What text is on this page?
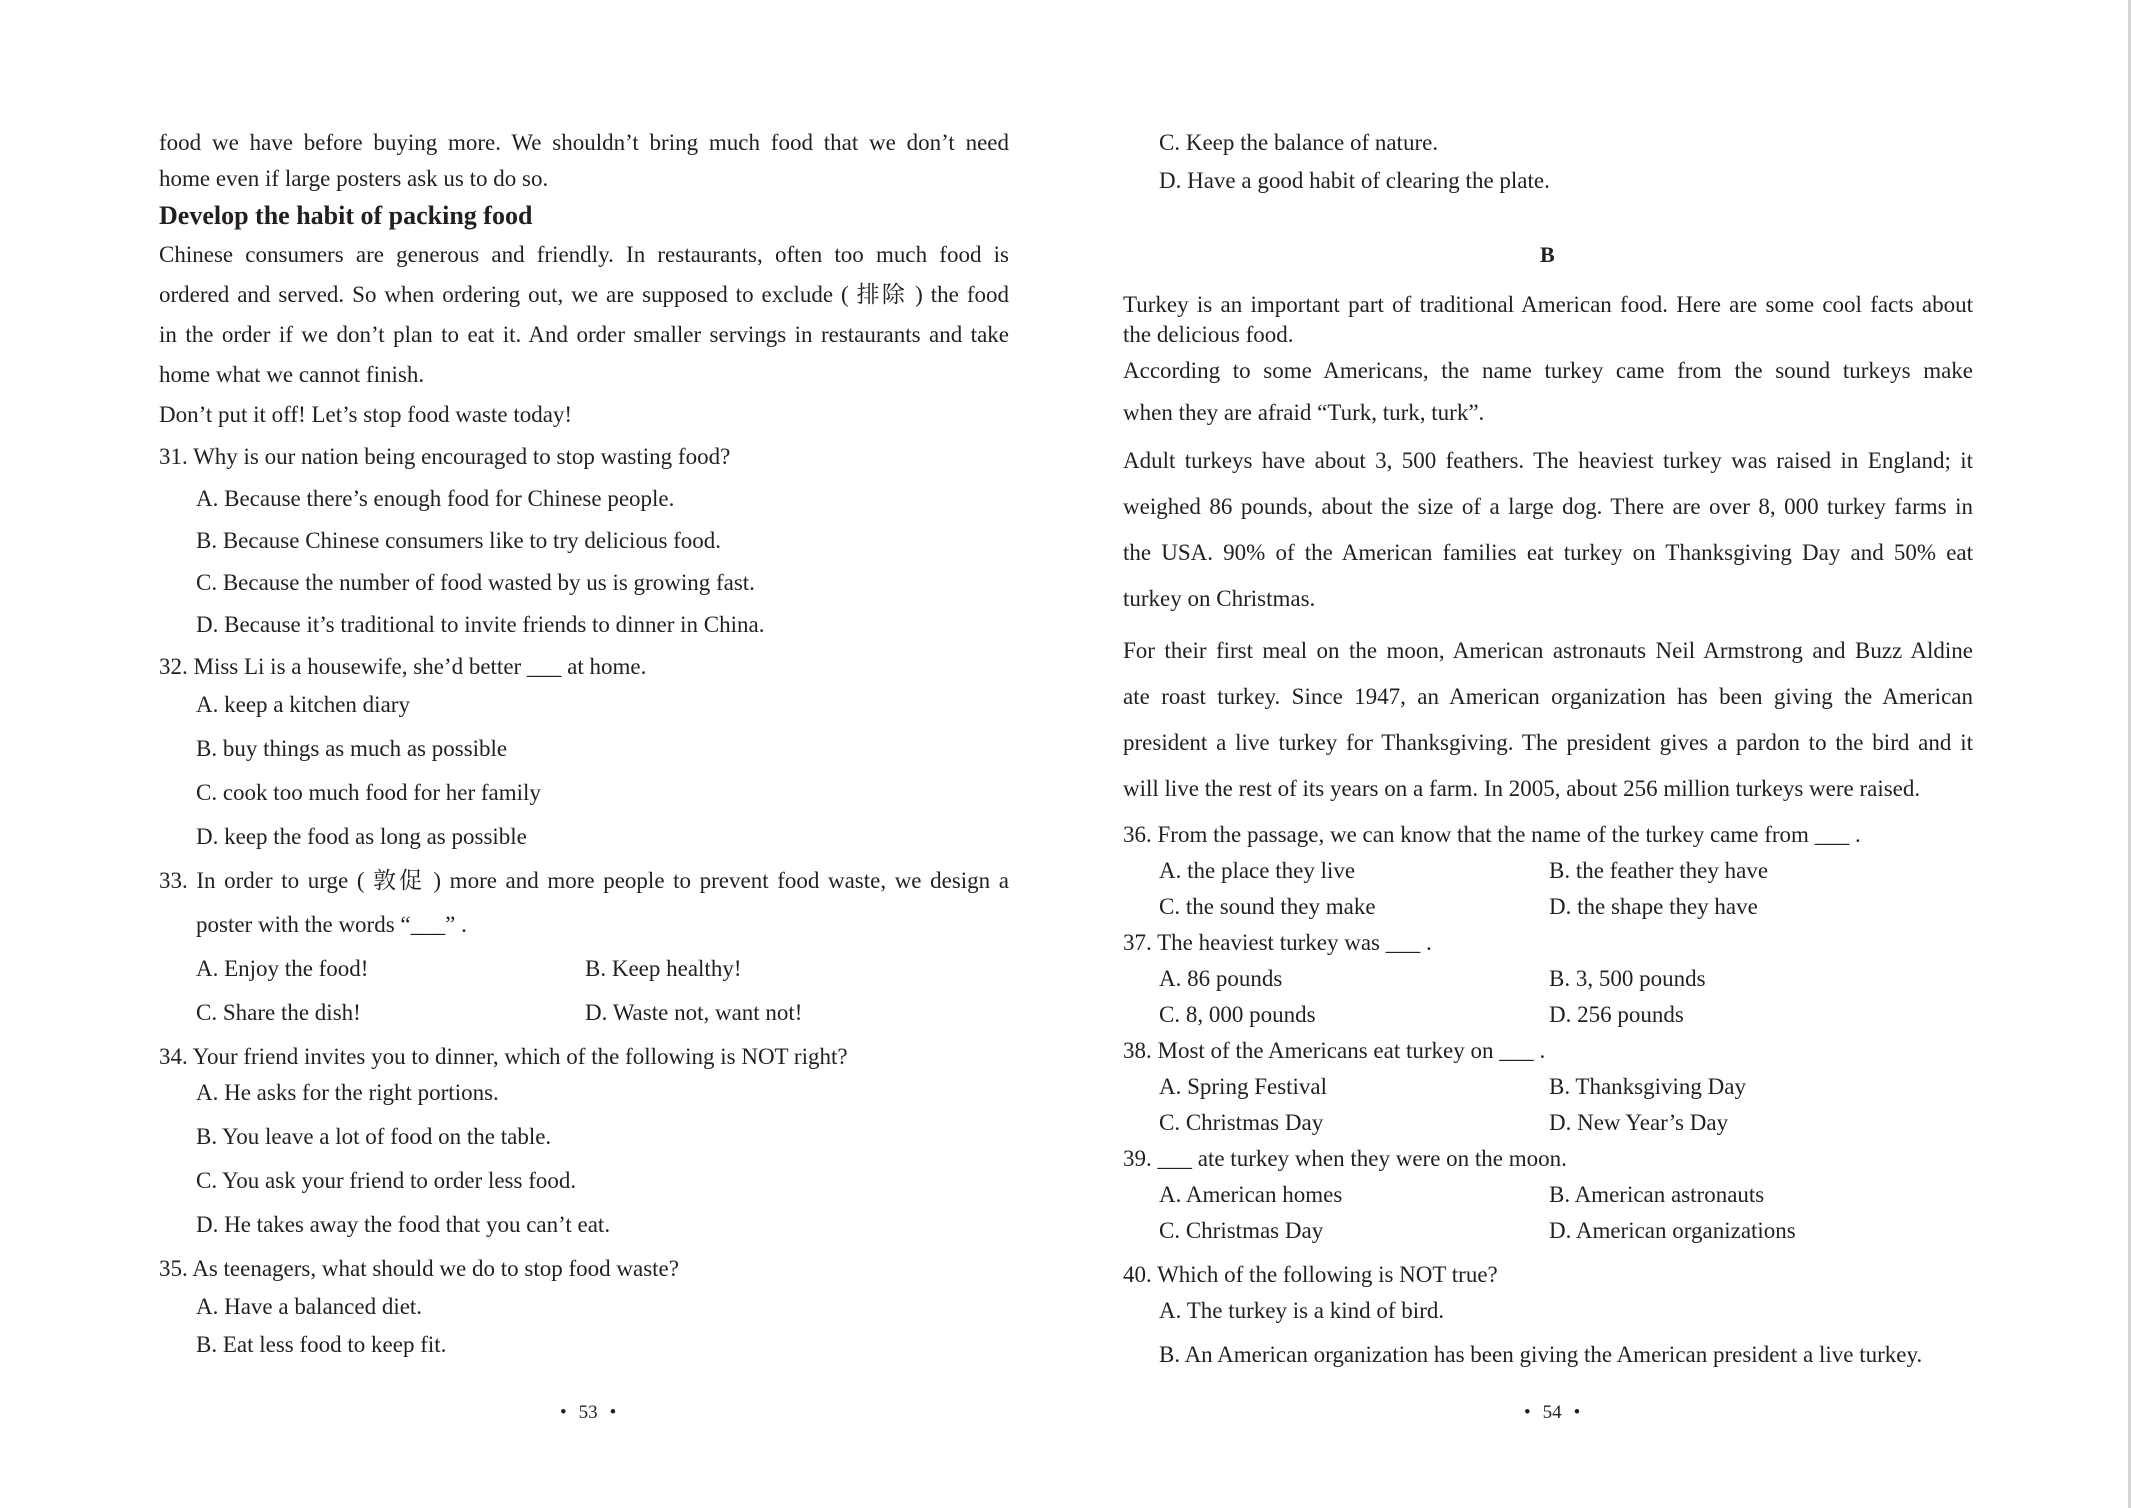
food we have before buying more. We shouldn’t bring much food that we don’t need
home even if large posters ask us to do so.
Develop the habit of packing food
Chinese consumers are generous and friendly. In restaurants, often too much food is
ordered and served. So when ordering out, we are supposed to exclude ( 排除 ) the food
in the order if we don’t plan to eat it. And order smaller servings in restaurants and take
home what we cannot finish.
Don’t put it off! Let’s stop food waste today!
31. Why is our nation being encouraged to stop wasting food?
A. Because there’s enough food for Chinese people.
B. Because Chinese consumers like to try delicious food.
C. Because the number of food wasted by us is growing fast.
D. Because it’s traditional to invite friends to dinner in China.
32. Miss Li is a housewife, she’d better ___ at home.
A. keep a kitchen diary
B. buy things as much as possible
C. cook too much food for her family
D. keep the food as long as possible
33. In order to urge ( 敦促 ) more and more people to prevent food waste, we design a
poster with the words “___” .
A. Enjoy the food!	B. Keep healthy!
C. Share the dish!	D. Waste not, want not!
34. Your friend invites you to dinner, which of the following is NOT right?
A. He asks for the right portions.
B. You leave a lot of food on the table.
C. You ask your friend to order less food.
D. He takes away the food that you can’t eat.
35. As teenagers, what should we do to stop food waste?
A. Have a balanced diet.
B. Eat less food to keep fit.
• 53 •
C. Keep the balance of nature.
D. Have a good habit of clearing the plate.
B
Turkey is an important part of traditional American food. Here are some cool facts about
the delicious food.
According to some Americans, the name turkey came from the sound turkeys make
when they are afraid “Turk, turk, turk”.
Adult turkeys have about 3, 500 feathers. The heaviest turkey was raised in England; it
weighed 86 pounds, about the size of a large dog. There are over 8, 000 turkey farms in
the USA. 90% of the American families eat turkey on Thanksgiving Day and 50% eat
turkey on Christmas.
For their first meal on the moon, American astronauts Neil Armstrong and Buzz Aldine
ate roast turkey. Since 1947, an American organization has been giving the American
president a live turkey for Thanksgiving. The president gives a pardon to the bird and it
will live the rest of its years on a farm. In 2005, about 256 million turkeys were raised.
36. From the passage, we can know that the name of the turkey came from ___ .
A. the place they live	B. the feather they have
C. the sound they make	D. the shape they have
37. The heaviest turkey was ___ .
A. 86 pounds	B. 3, 500 pounds
C. 8, 000 pounds	D. 256 pounds
38. Most of the Americans eat turkey on ___ .
A. Spring Festival	B. Thanksgiving Day
C. Christmas Day	D. New Year’s Day
39. ___ ate turkey when they were on the moon.
A. American homes	B. American astronauts
C. Christmas Day	D. American organizations
40. Which of the following is NOT true?
A. The turkey is a kind of bird.
B. An American organization has been giving the American president a live turkey.
• 54 •
